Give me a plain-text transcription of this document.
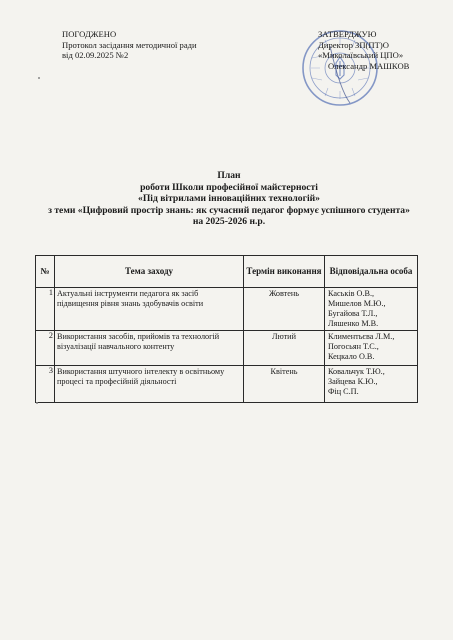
ПОГОДЖЕНО
Протокол засідання методичної ради
від 02.09.2025 №2
ЗАТВЕРДЖУЮ
Директор ЗП(ПТ)О
«Миколаївський ЦПО»
Олександр МАШКОВ
План
роботи Школи професійної майстерності
«Під вітрилами інноваційних технологій»
з теми «Цифровий простір знань: як сучасний педагог формує успішного студента»
на 2025-2026 н.р.
№	Тема заходу	Термін виконання	Відповідальна особа
1	Актуальні інструменти педагога як засіб підвищення рівня знань здобувачів освіти	Жовтень	Каськів О.В.,
Мишелов М.Ю.,
Бугайова Т.Л.,
Ляшенко М.В.

2	Використання засобів, прийомів та технологій візуалізації навчального контенту	Лютий	Климентьєва Л.М.,
Погосьян Т.С.,
Кецкало О.В.

3	Використання штучного інтелекту в освітньому процесі та професійній діяльності	Квітень	Ковальчук Т.Ю.,
Зайцева К.Ю.,
Фіц С.П.
